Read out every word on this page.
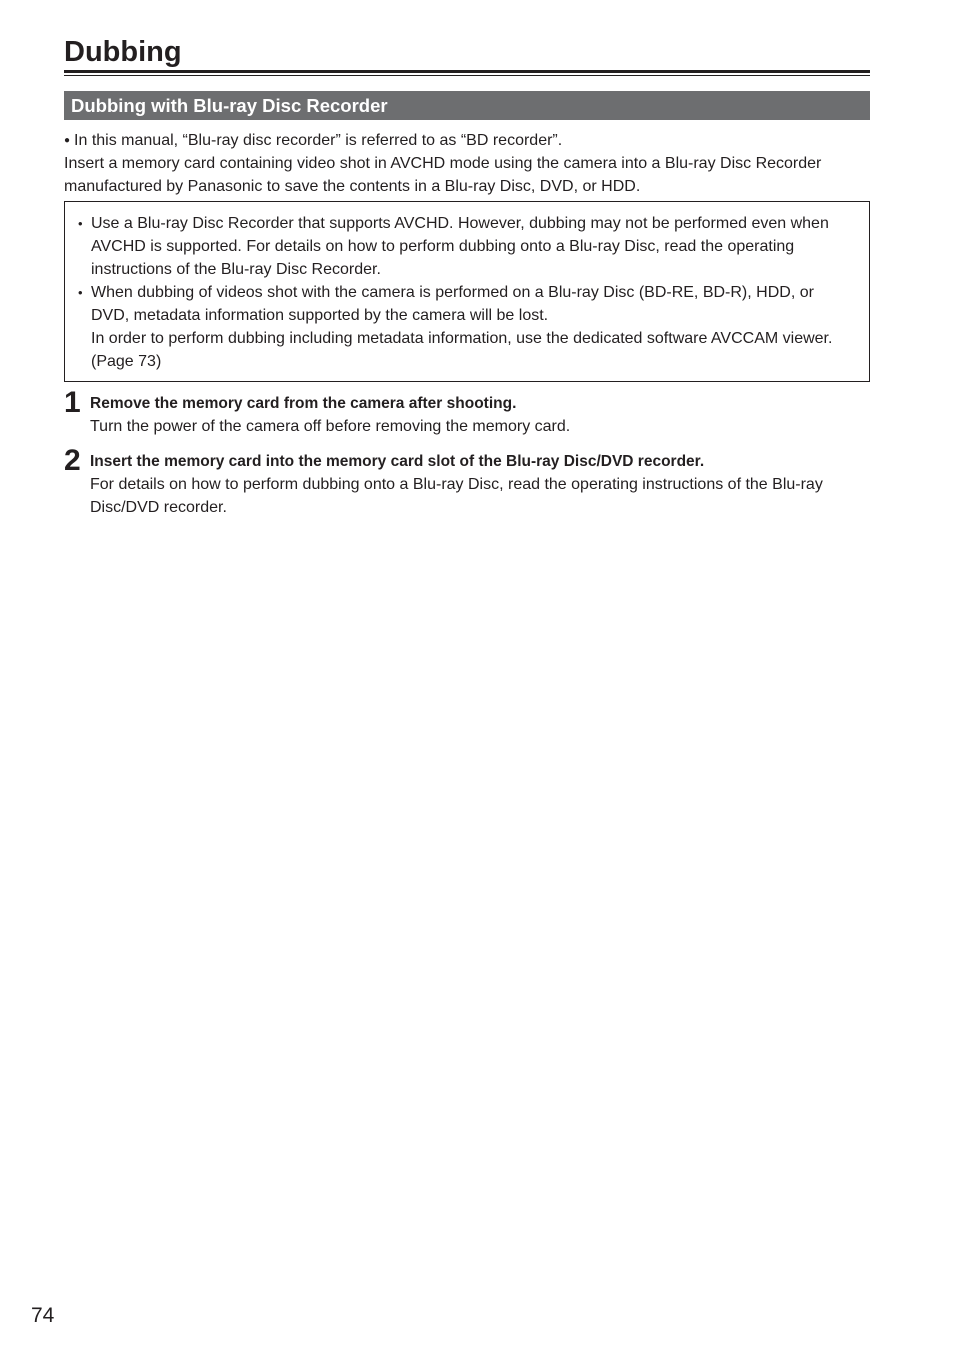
Dubbing
Dubbing with Blu-ray Disc Recorder

● In this manual, “Blu-ray disc recorder” is referred to as “BD recorder”.

Insert a memory card containing video shot in AVCHD mode using the camera into a Blu-ray Disc Recorder manufactured by Panasonic to save the contents in a Blu-ray Disc, DVD, or HDD.

• Use a Blu-ray Disc Recorder that supports AVCHD. However, dubbing may not be performed even when AVCHD is supported. For details on how to perform dubbing onto a Blu-ray Disc, read the operating instructions of the Blu-ray Disc Recorder.

• When dubbing of videos shot with the camera is performed on a Blu-ray Disc (BD-RE, BD-R), HDD, or DVD, metadata information supported by the camera will be lost.

In order to perform dubbing including metadata information, use the dedicated software AVCCAM viewer. (Page 73)

1 Remove the memory card from the camera after shooting.

Turn the power of the camera off before removing the memory card.

2 Insert the memory card into the memory card slot of the Blu-ray Disc/DVD recorder.

For details on how to perform dubbing onto a Blu-ray Disc, read the operating instructions of the Blu-ray Disc/DVD recorder.

74
